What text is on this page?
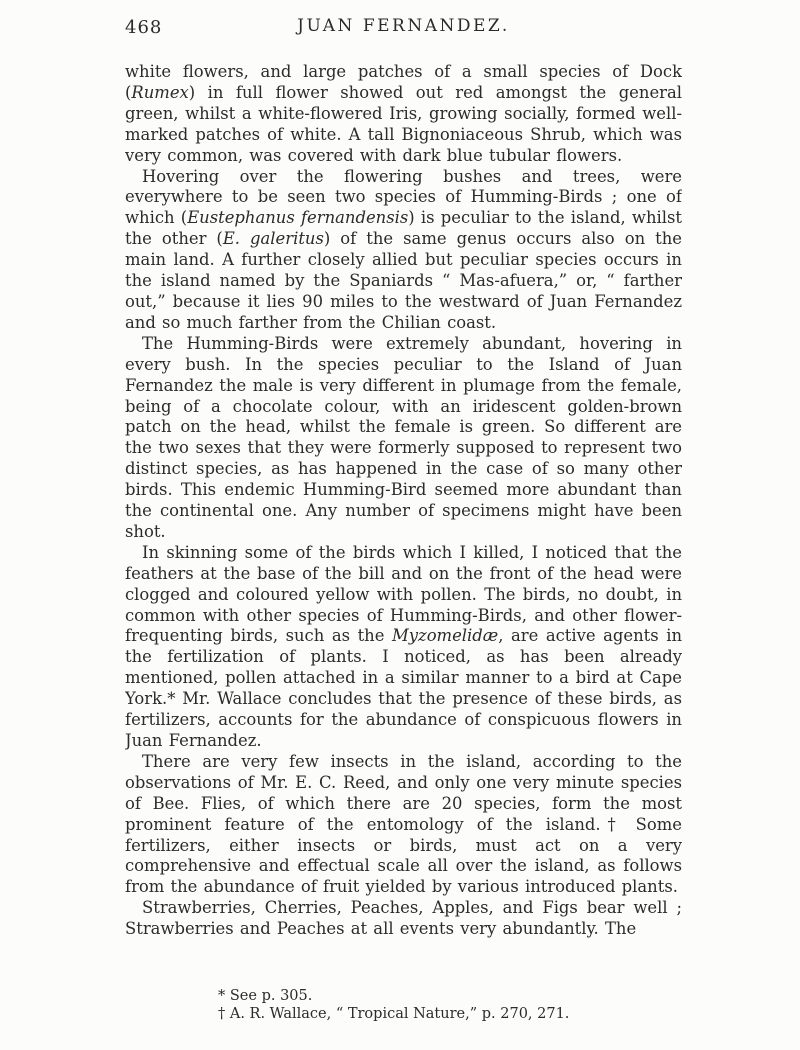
468	JUAN FERNANDEZ.

white flowers, and large patches of a small species of Dock (Rumex) in full flower showed out red amongst the general green, whilst a white-flowered Iris, growing socially, formed well-marked patches of white. A tall Bignoniaceous Shrub, which was very common, was covered with dark blue tubular flowers.

Hovering over the flowering bushes and trees, were everywhere to be seen two species of Humming-Birds ; one of which (Eustephanus fernandensis) is peculiar to the island, whilst the other (E. galeritus) of the same genus occurs also on the main land. A further closely allied but peculiar species occurs in the island named by the Spaniards “ Mas-afuera,” or, “ farther out,” because it lies 90 miles to the westward of Juan Fernandez and so much farther from the Chilian coast.

The Humming-Birds were extremely abundant, hovering in every bush. In the species peculiar to the Island of Juan Fernandez the male is very different in plumage from the female, being of a chocolate colour, with an iridescent golden-brown patch on the head, whilst the female is green. So different are the two sexes that they were formerly supposed to represent two distinct species, as has happened in the case of so many other birds. This endemic Humming-Bird seemed more abundant than the continental one. Any number of specimens might have been shot.

In skinning some of the birds which I killed, I noticed that the feathers at the base of the bill and on the front of the head were clogged and coloured yellow with pollen. The birds, no doubt, in common with other species of Humming-Birds, and other flower-frequenting birds, such as the Myzomelidæ, are active agents in the fertilization of plants. I noticed, as has been already mentioned, pollen attached in a similar manner to a bird at Cape York.* Mr. Wallace concludes that the presence of these birds, as fertilizers, accounts for the abundance of conspicuous flowers in Juan Fernandez.

There are very few insects in the island, according to the observations of Mr. E. C. Reed, and only one very minute species of Bee. Flies, of which there are 20 species, form the most prominent feature of the entomology of the island.† Some fertilizers, either insects or birds, must act on a very comprehensive and effectual scale all over the island, as follows from the abundance of fruit yielded by various introduced plants.

Strawberries, Cherries, Peaches, Apples, and Figs bear well ; Strawberries and Peaches at all events very abundantly. The

* See p. 305.

† A. R. Wallace, “ Tropical Nature,” p. 270, 271.
